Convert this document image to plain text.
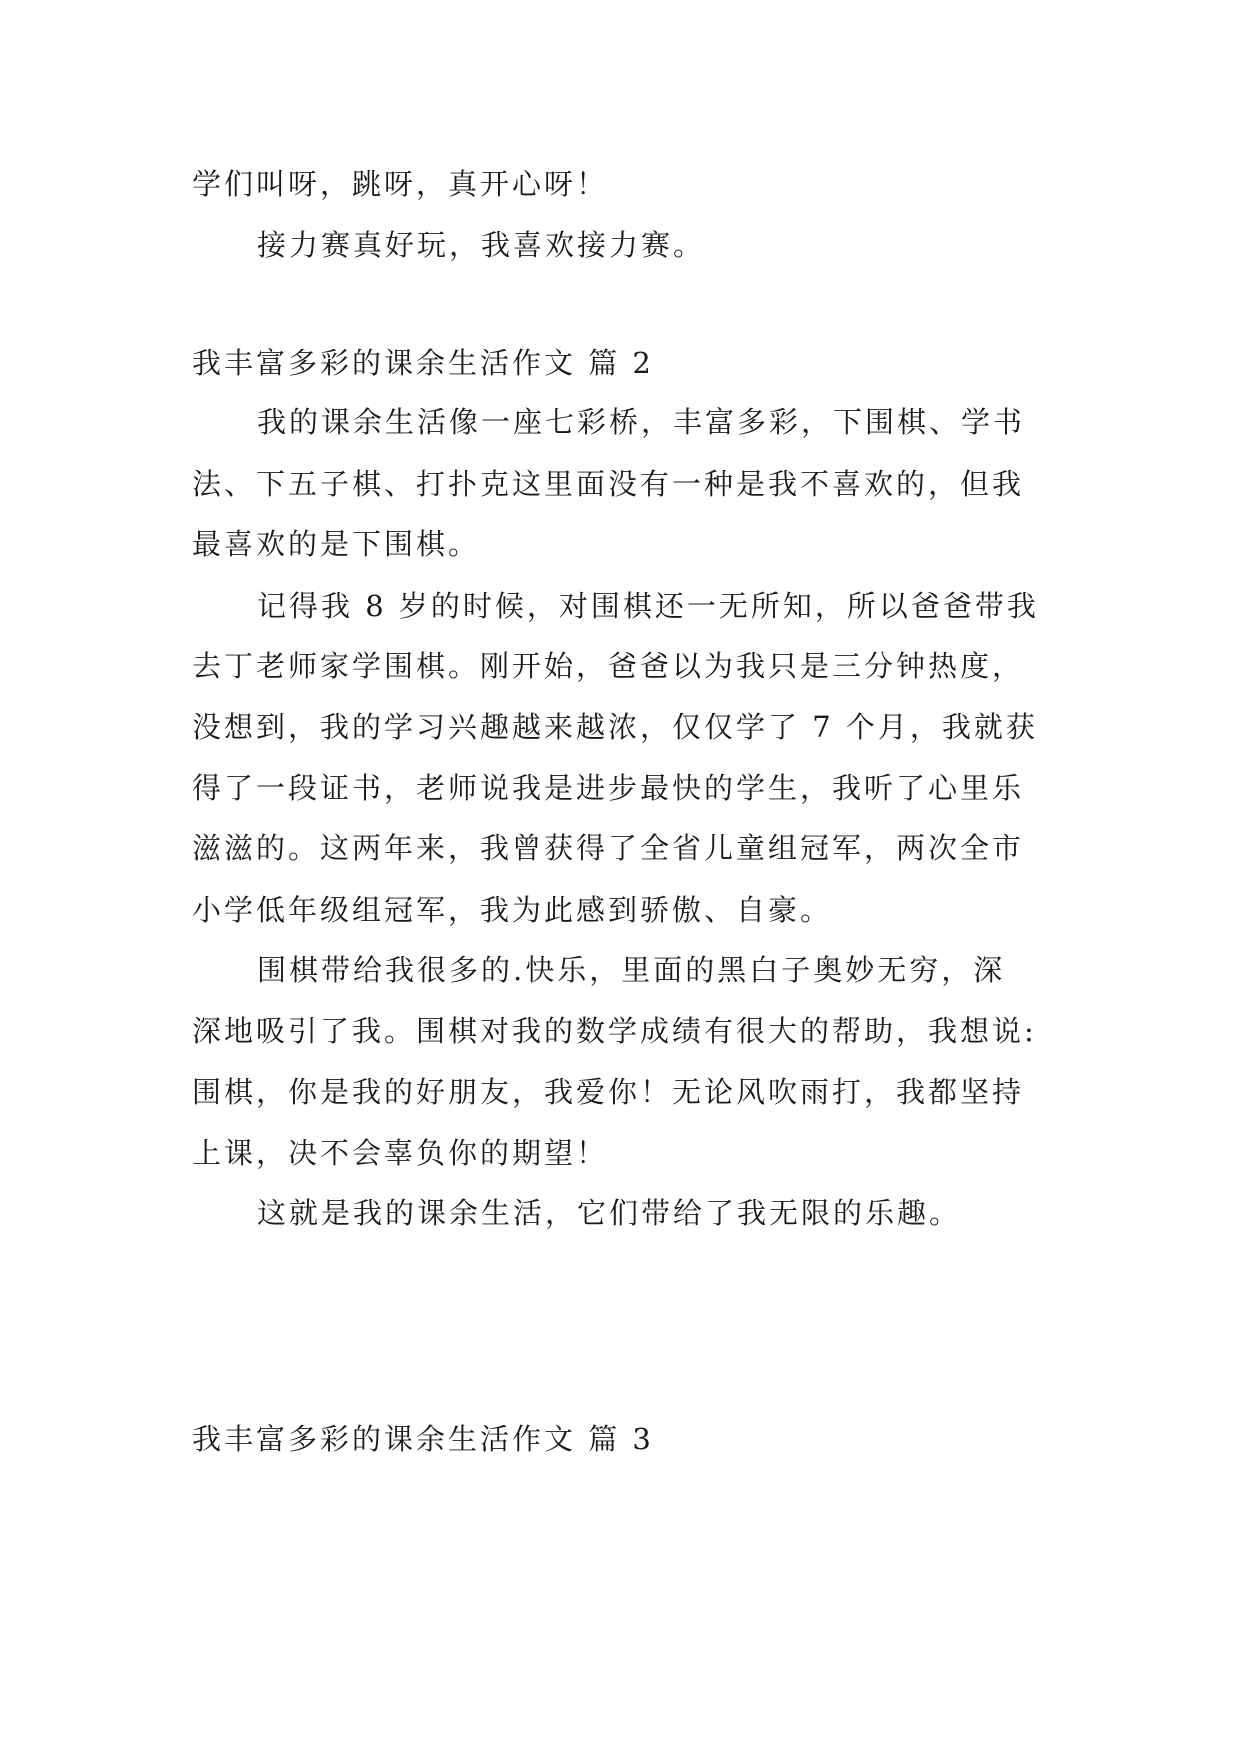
学们叫呀，跳呀，真开心呀！
接力赛真好玩，我喜欢接力赛。
我丰富多彩的课余生活作文 篇 2
我的课余生活像一座七彩桥，丰富多彩，下围棋、学书
法、下五子棋、打扑克这里面没有一种是我不喜欢的，但我
最喜欢的是下围棋。
记得我 8 岁的时候，对围棋还一无所知，所以爸爸带我
去丁老师家学围棋。刚开始，爸爸以为我只是三分钟热度，
没想到，我的学习兴趣越来越浓，仅仅学了 7 个月，我就获
得了一段证书，老师说我是进步最快的学生，我听了心里乐
滋滋的。这两年来，我曾获得了全省儿童组冠军，两次全市
小学低年级组冠军，我为此感到骄傲、自豪。
围棋带给我很多的.快乐，里面的黑白子奥妙无穷，深
深地吸引了我。围棋对我的数学成绩有很大的帮助，我想说:
围棋，你是我的好朋友，我爱你！无论风吹雨打，我都坚持
上课，决不会辜负你的期望！
这就是我的课余生活，它们带给了我无限的乐趣。
我丰富多彩的课余生活作文 篇 3
